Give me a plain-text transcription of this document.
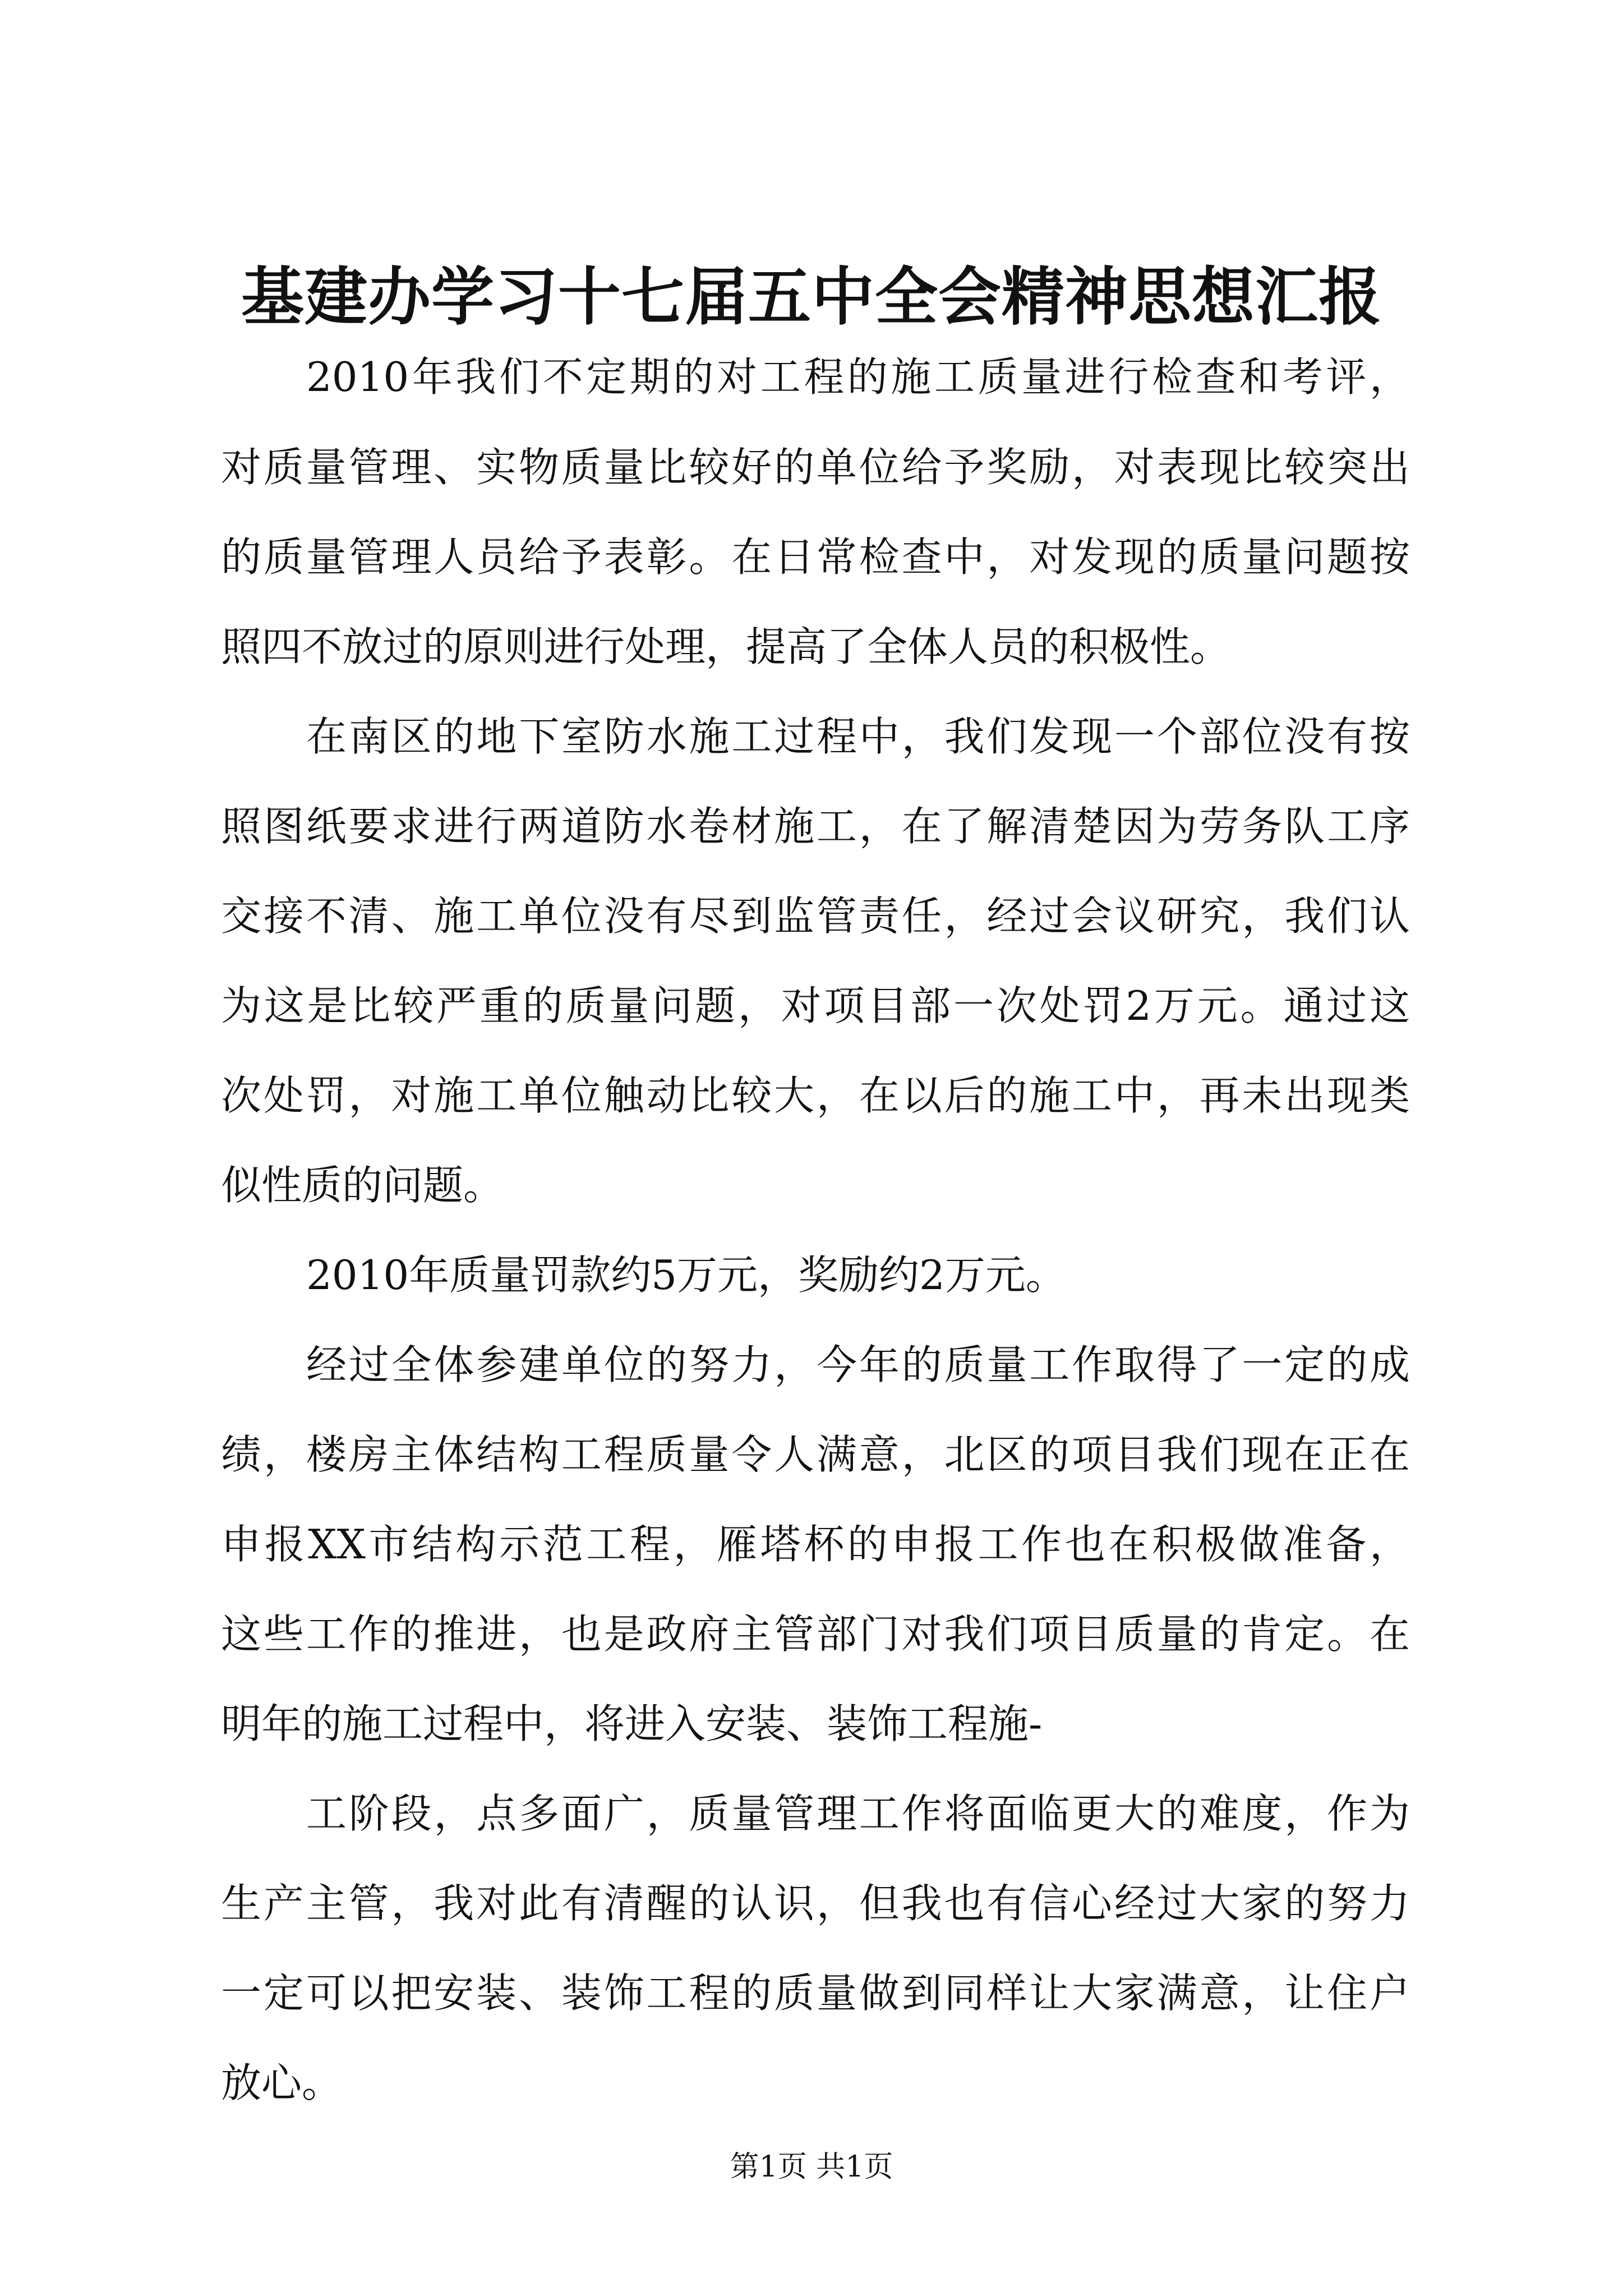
基建办学习十七届五中全会精神思想汇报
2010年我们不定期的对工程的施工质量进行检查和考评，
对质量管理、实物质量比较好的单位给予奖励，对表现比较突出
的质量管理人员给予表彰。在日常检查中，对发现的质量问题按
照四不放过的原则进行处理，提高了全体人员的积极性。
在南区的地下室防水施工过程中，我们发现一个部位没有按
照图纸要求进行两道防水卷材施工，在了解清楚因为劳务队工序
交接不清、施工单位没有尽到监管责任，经过会议研究，我们认
为这是比较严重的质量问题，对项目部一次处罚2万元。通过这
次处罚，对施工单位触动比较大，在以后的施工中，再未出现类
似性质的问题。
2010年质量罚款约5万元，奖励约2万元。
经过全体参建单位的努力，今年的质量工作取得了一定的成
绩，楼房主体结构工程质量令人满意，北区的项目我们现在正在
申报XX市结构示范工程，雁塔杯的申报工作也在积极做准备，
这些工作的推进，也是政府主管部门对我们项目质量的肯定。在
明年的施工过程中，将进入安装、装饰工程施-
工阶段，点多面广，质量管理工作将面临更大的难度，作为
生产主管，我对此有清醒的认识，但我也有信心经过大家的努力
一定可以把安装、装饰工程的质量做到同样让大家满意，让住户
放心。
第1页 共1页
